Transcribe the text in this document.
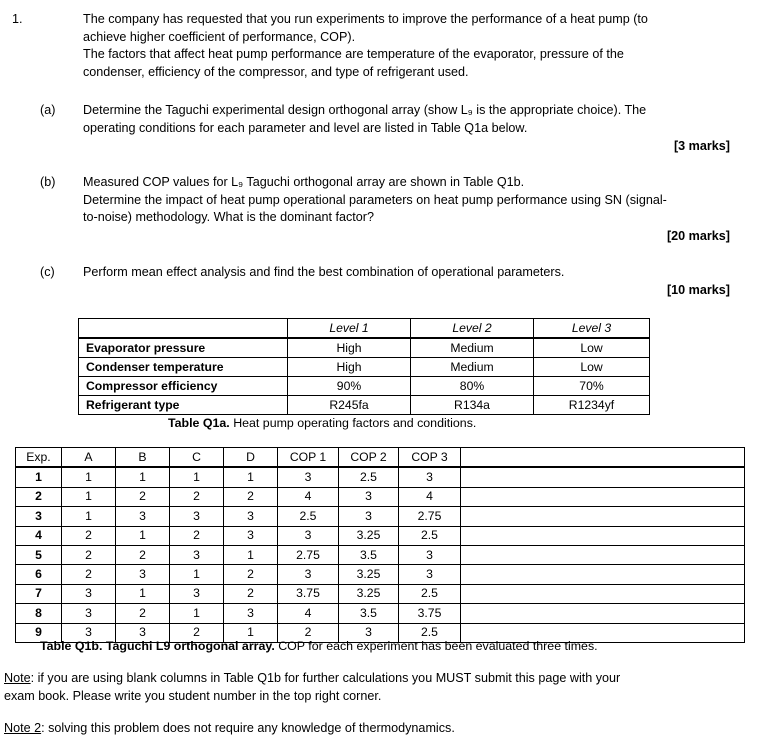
1.	The company has requested that you run experiments to improve the performance of a heat pump (to
achieve higher coefficient of performance, COP).
The factors that affect heat pump performance are temperature of the evaporator, pressure of the
condenser, efficiency of the compressor, and type of refrigerant used.
(a) Determine the Taguchi experimental design orthogonal array (show L₉ is the appropriate choice). The
operating conditions for each parameter and level are listed in Table Q1a below.
[3 marks]
(b) Measured COP values for L₉ Taguchi orthogonal array are shown in Table Q1b.
Determine the impact of heat pump operational parameters on heat pump performance using SN (signal-
to-noise) methodology. What is the dominant factor?
[20 marks]
(c) Perform mean effect analysis and find the best combination of operational parameters.
[10 marks]
	Level 1	Level 2	Level 3
Evaporator pressure	High	Medium	Low
Condenser temperature	High	Medium	Low
Compressor efficiency	90%	80%	70%
Refrigerant type	R245fa	R134a	R1234yf
Table Q1a. Heat pump operating factors and conditions.
Exp.	A	B	C	D	COP 1	COP 2	COP 3	
1	1	1	1	1	3	2.5	3	
2	1	2	2	2	4	3	4	
3	1	3	3	3	2.5	3	2.75	
4	2	1	2	3	3	3.25	2.5	
5	2	2	3	1	2.75	3.5	3	
6	2	3	1	2	3	3.25	3	
7	3	1	3	2	3.75	3.25	2.5	
8	3	2	1	3	4	3.5	3.75	
9	3	3	2	1	2	3	2.5	
Table Q1b. Taguchi L9 orthogonal array. COP for each experiment has been evaluated three times.
Note: if you are using blank columns in Table Q1b for further calculations you MUST submit this page with your
exam book. Please write you student number in the top right corner.
Note 2: solving this problem does not require any knowledge of thermodynamics.
